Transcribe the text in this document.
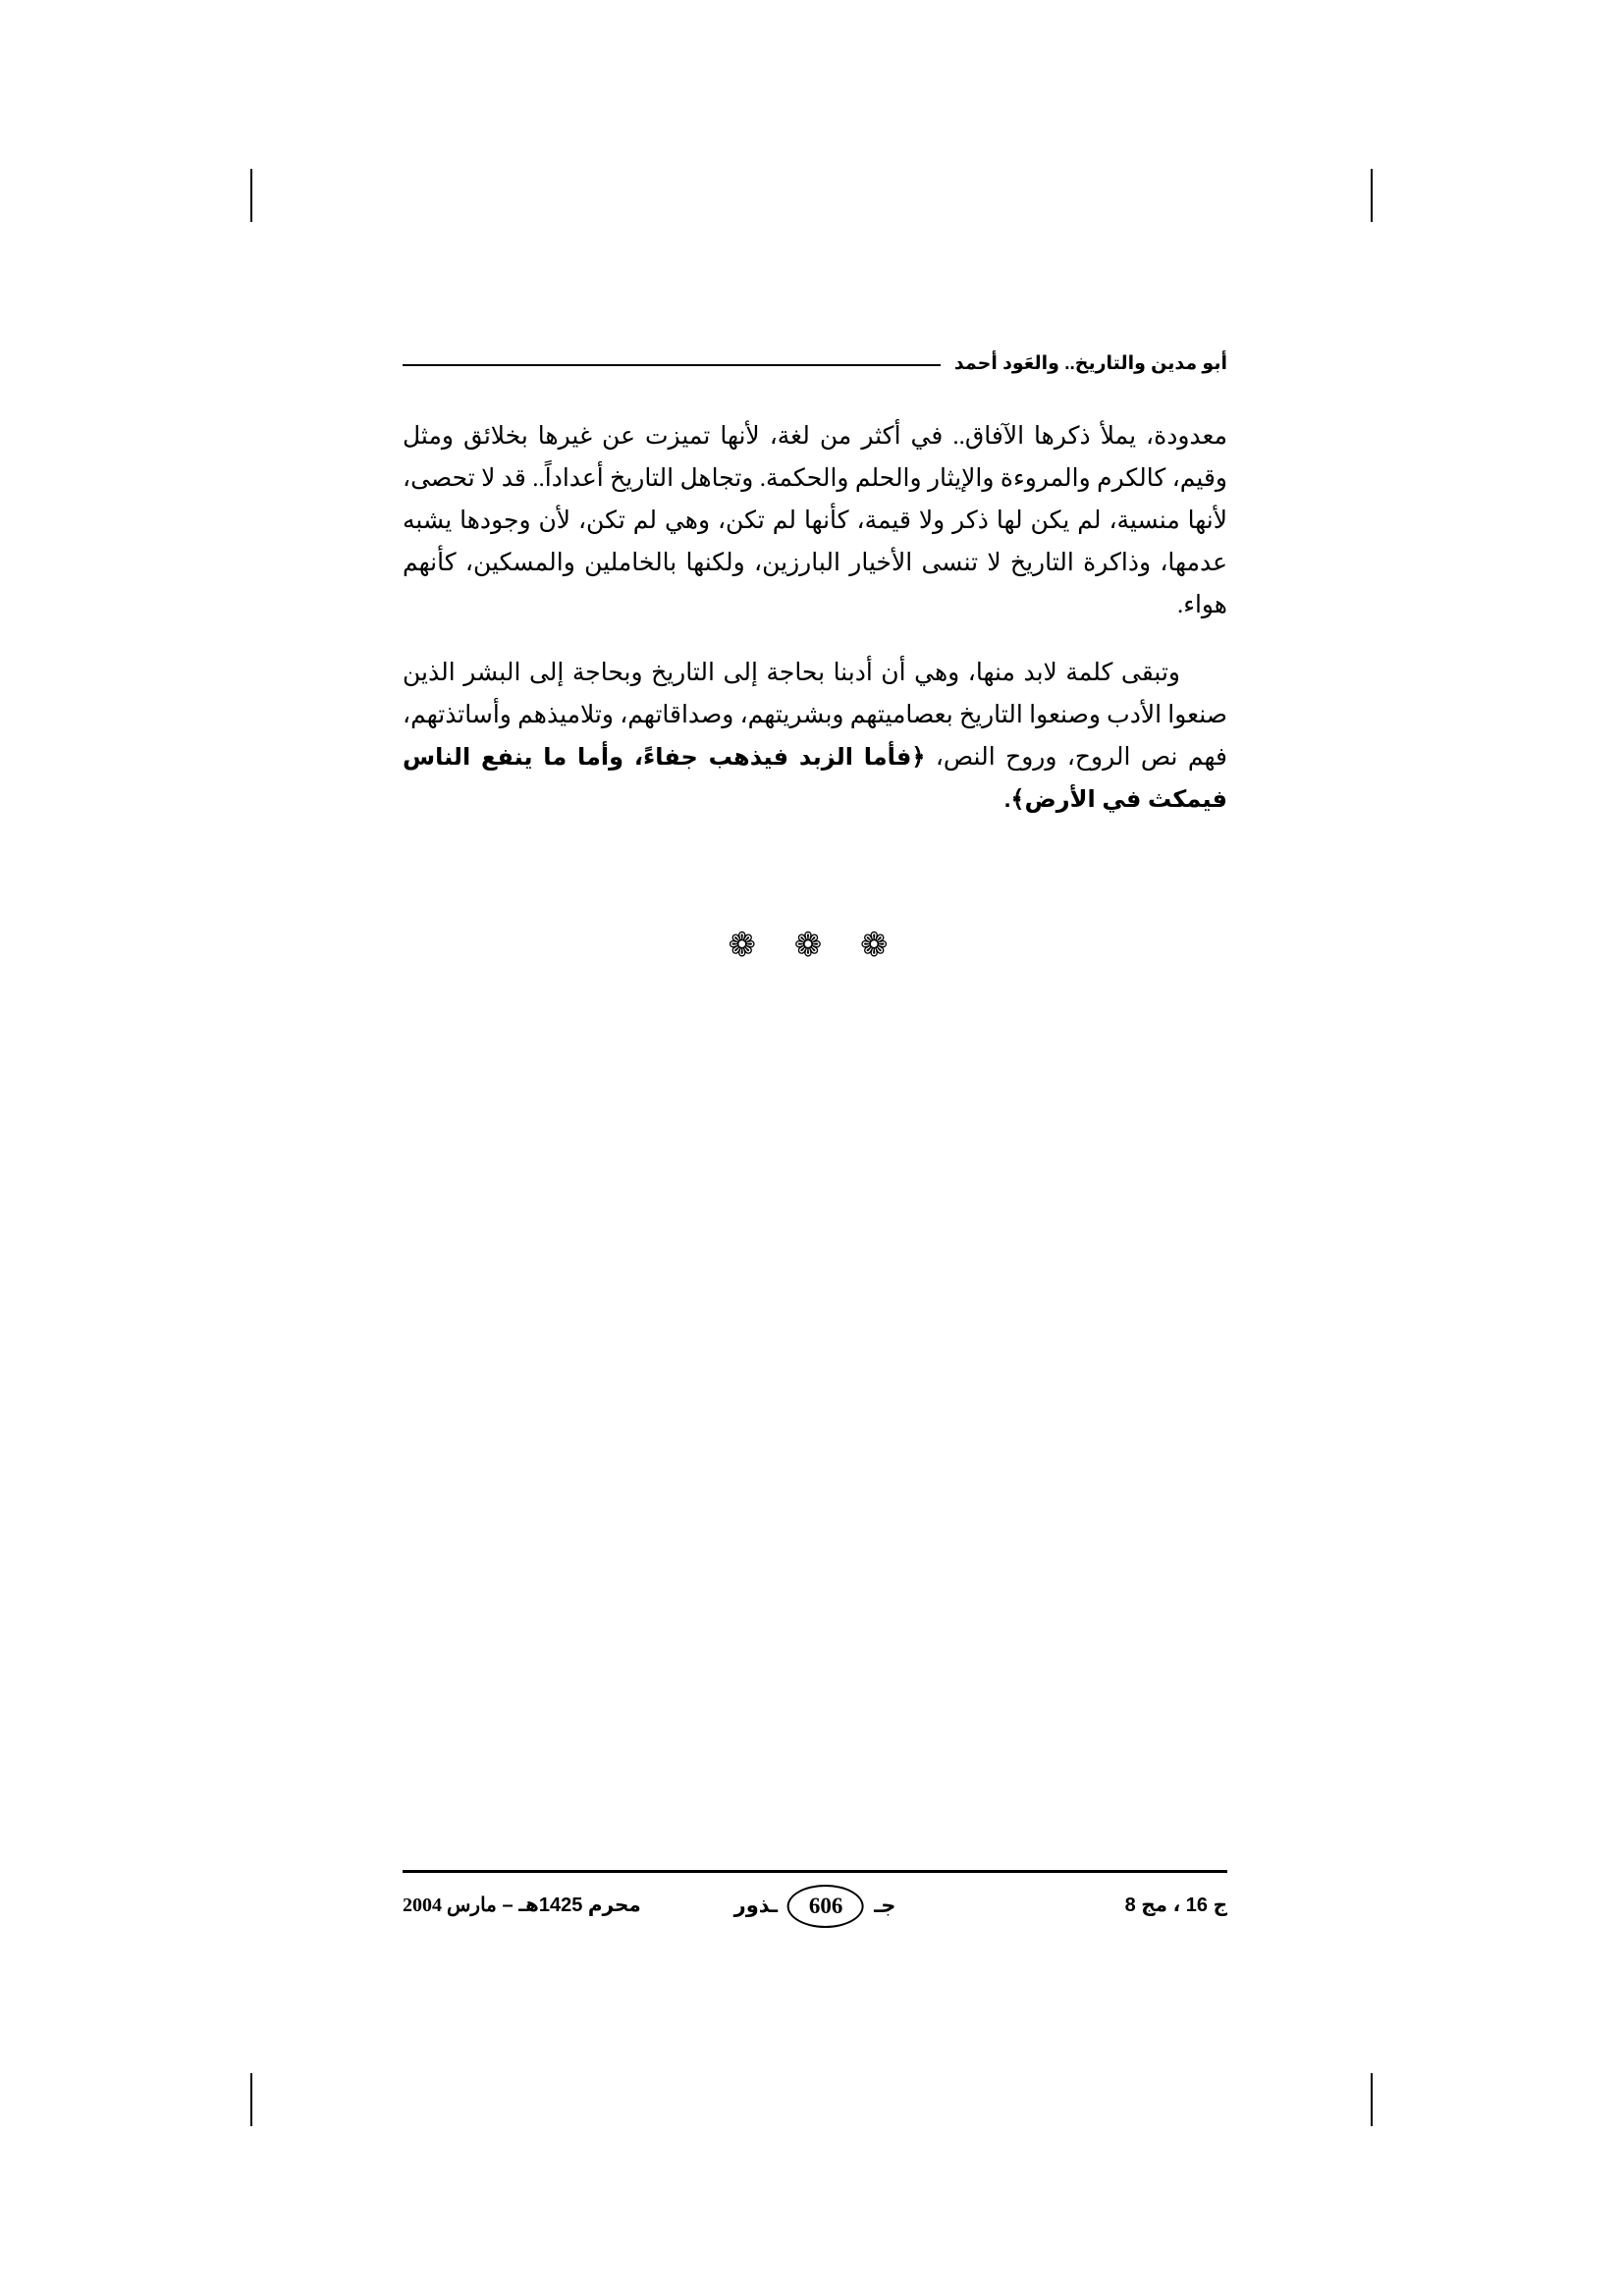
أبو مدين والتاريخ.. والعَود أحمد

معدودة، يملأ ذكرها الآفاق.. في أكثر من لغة، لأنها تميزت عن غيرها بخلائق ومثل وقيم، كالكرم والمروءة والإيثار والحلم والحكمة. وتجاهل التاريخ أعداداً.. قد لا تحصى، لأنها منسية، لم يكن لها ذكر ولا قيمة، كأنها لم تكن، وهي لم تكن، لأن وجودها يشبه عدمها، وذاكرة التاريخ لا تنسى الأخيار البارزين، ولكنها بالخاملين والمسكين، كأنهم هواء.

وتبقى كلمة لابد منها، وهي أن أدبنا بحاجة إلى التاريخ وبحاجة إلى البشر الذين صنعوا الأدب وصنعوا التاريخ بعصاميتهم وبشريتهم، وصداقاتهم، وتلاميذهم وأساتذتهم، فهم نص الروح، وروح النص، ﴿فأما الزبد فيذهب جفاءً، وأما ما ينفع الناس فيمكث في الأرض﴾.

❁ ❁ ❁
ج 16 ، مج 8
جـ
606
ـذور
محرم 1425هـ – مارس 2004
